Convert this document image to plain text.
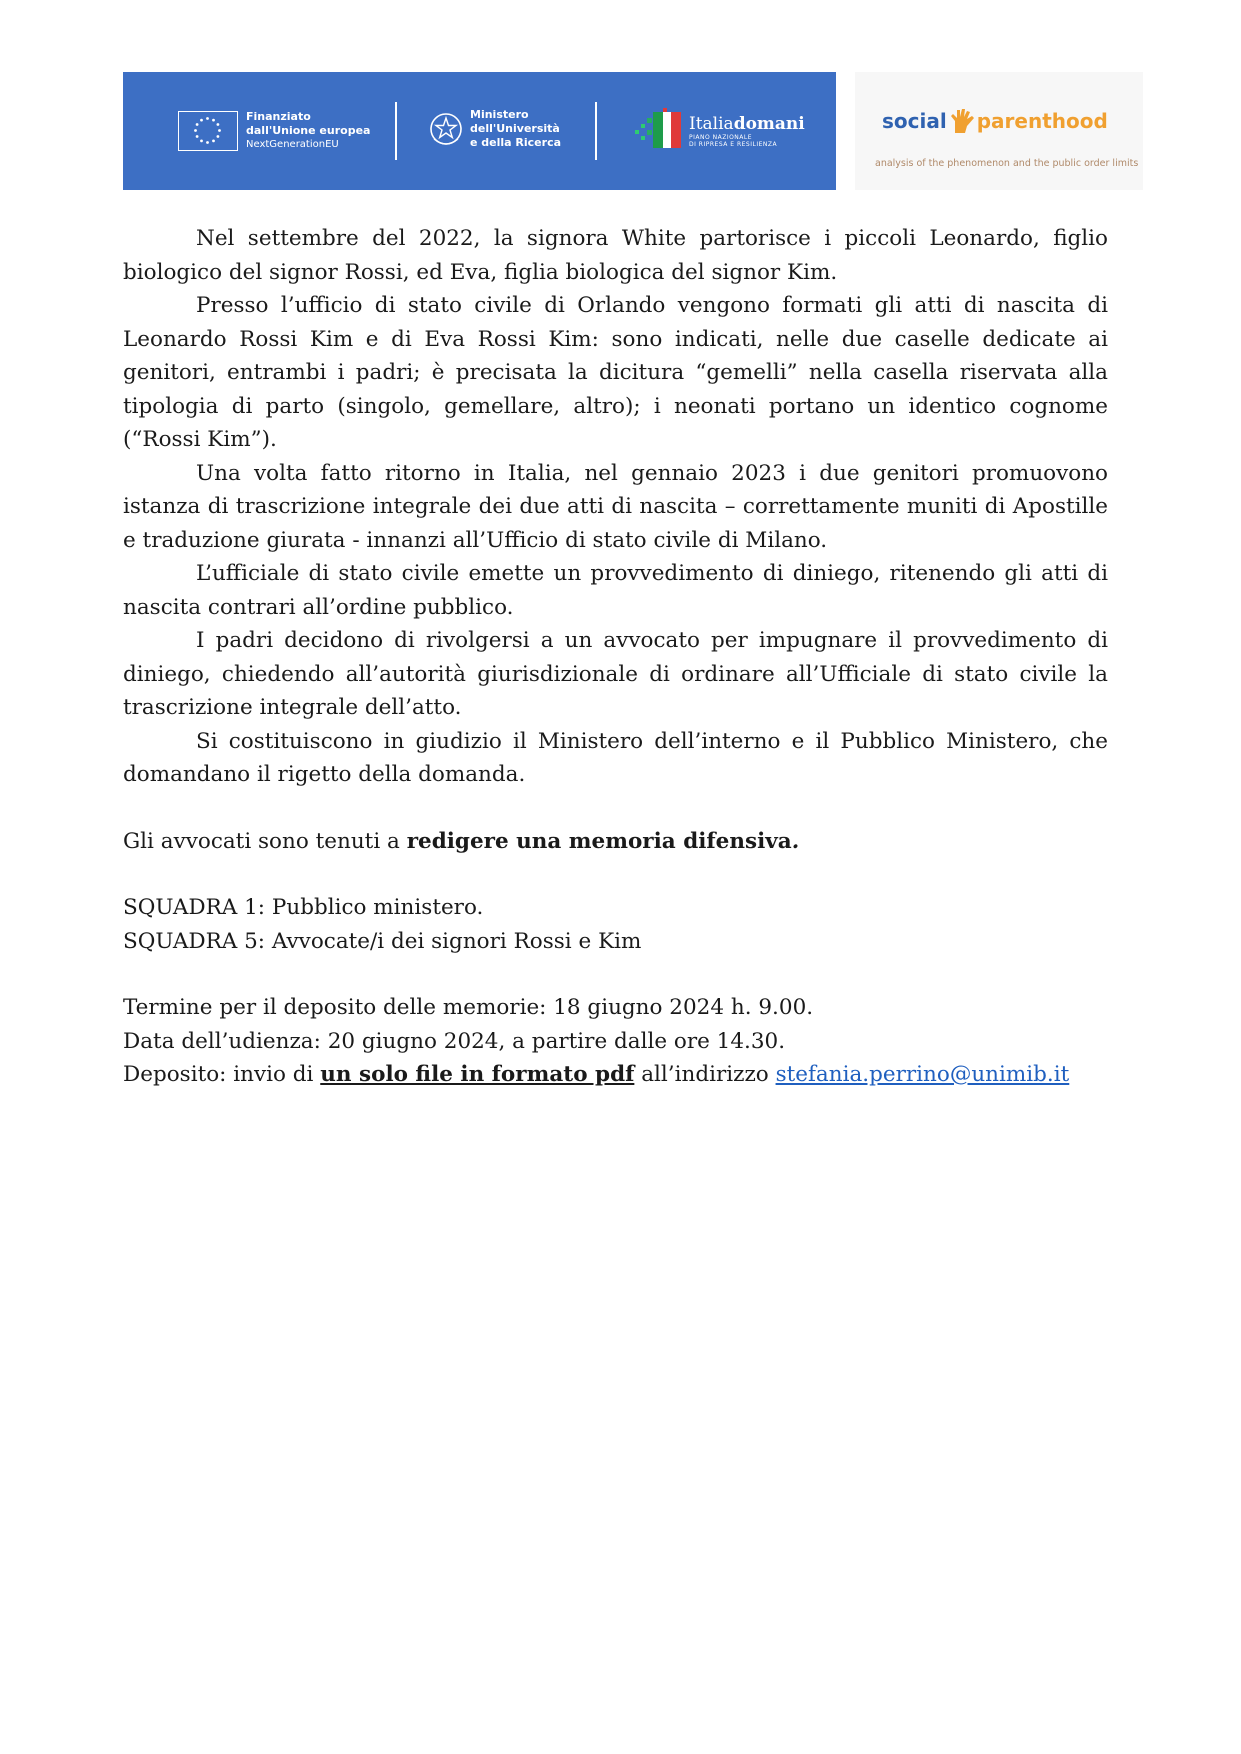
Finanziato
dall'Unione europea
NextGenerationEU
Ministero
dell'Università
e della Ricerca
Italiadomani
PIANO NAZIONALE
DI RIPRESA E RESILIENZA
social parenthood
analysis of the phenomenon and the public order limits

Nel settembre del 2022, la signora White partorisce i piccoli Leonardo, figlio biologico del signor Rossi, ed Eva, figlia biologica del signor Kim.

Presso l’ufficio di stato civile di Orlando vengono formati gli atti di nascita di Leonardo Rossi Kim e di Eva Rossi Kim: sono indicati, nelle due caselle dedicate ai genitori, entrambi i padri; è precisata la dicitura “gemelli” nella casella riservata alla tipologia di parto (singolo, gemellare, altro); i neonati portano un identico cognome (“Rossi Kim”).

Una volta fatto ritorno in Italia, nel gennaio 2023 i due genitori promuovono istanza di trascrizione integrale dei due atti di nascita – correttamente muniti di Apostille e traduzione giurata - innanzi all’Ufficio di stato civile di Milano.

L’ufficiale di stato civile emette un provvedimento di diniego, ritenendo gli atti di nascita contrari all’ordine pubblico.

I padri decidono di rivolgersi a un avvocato per impugnare il provvedimento di diniego, chiedendo all’autorità giurisdizionale di ordinare all’Ufficiale di stato civile la trascrizione integrale dell’atto.

Si costituiscono in giudizio il Ministero dell’interno e il Pubblico Ministero, che domandano il rigetto della domanda.

Gli avvocati sono tenuti a redigere una memoria difensiva.

SQUADRA 1: Pubblico ministero.

SQUADRA 5: Avvocate/i dei signori Rossi e Kim

Termine per il deposito delle memorie: 18 giugno 2024 h. 9.00.

Data dell’udienza: 20 giugno 2024, a partire dalle ore 14.30.

Deposito: invio di un solo file in formato pdf all’indirizzo stefania.perrino@unimib.it
